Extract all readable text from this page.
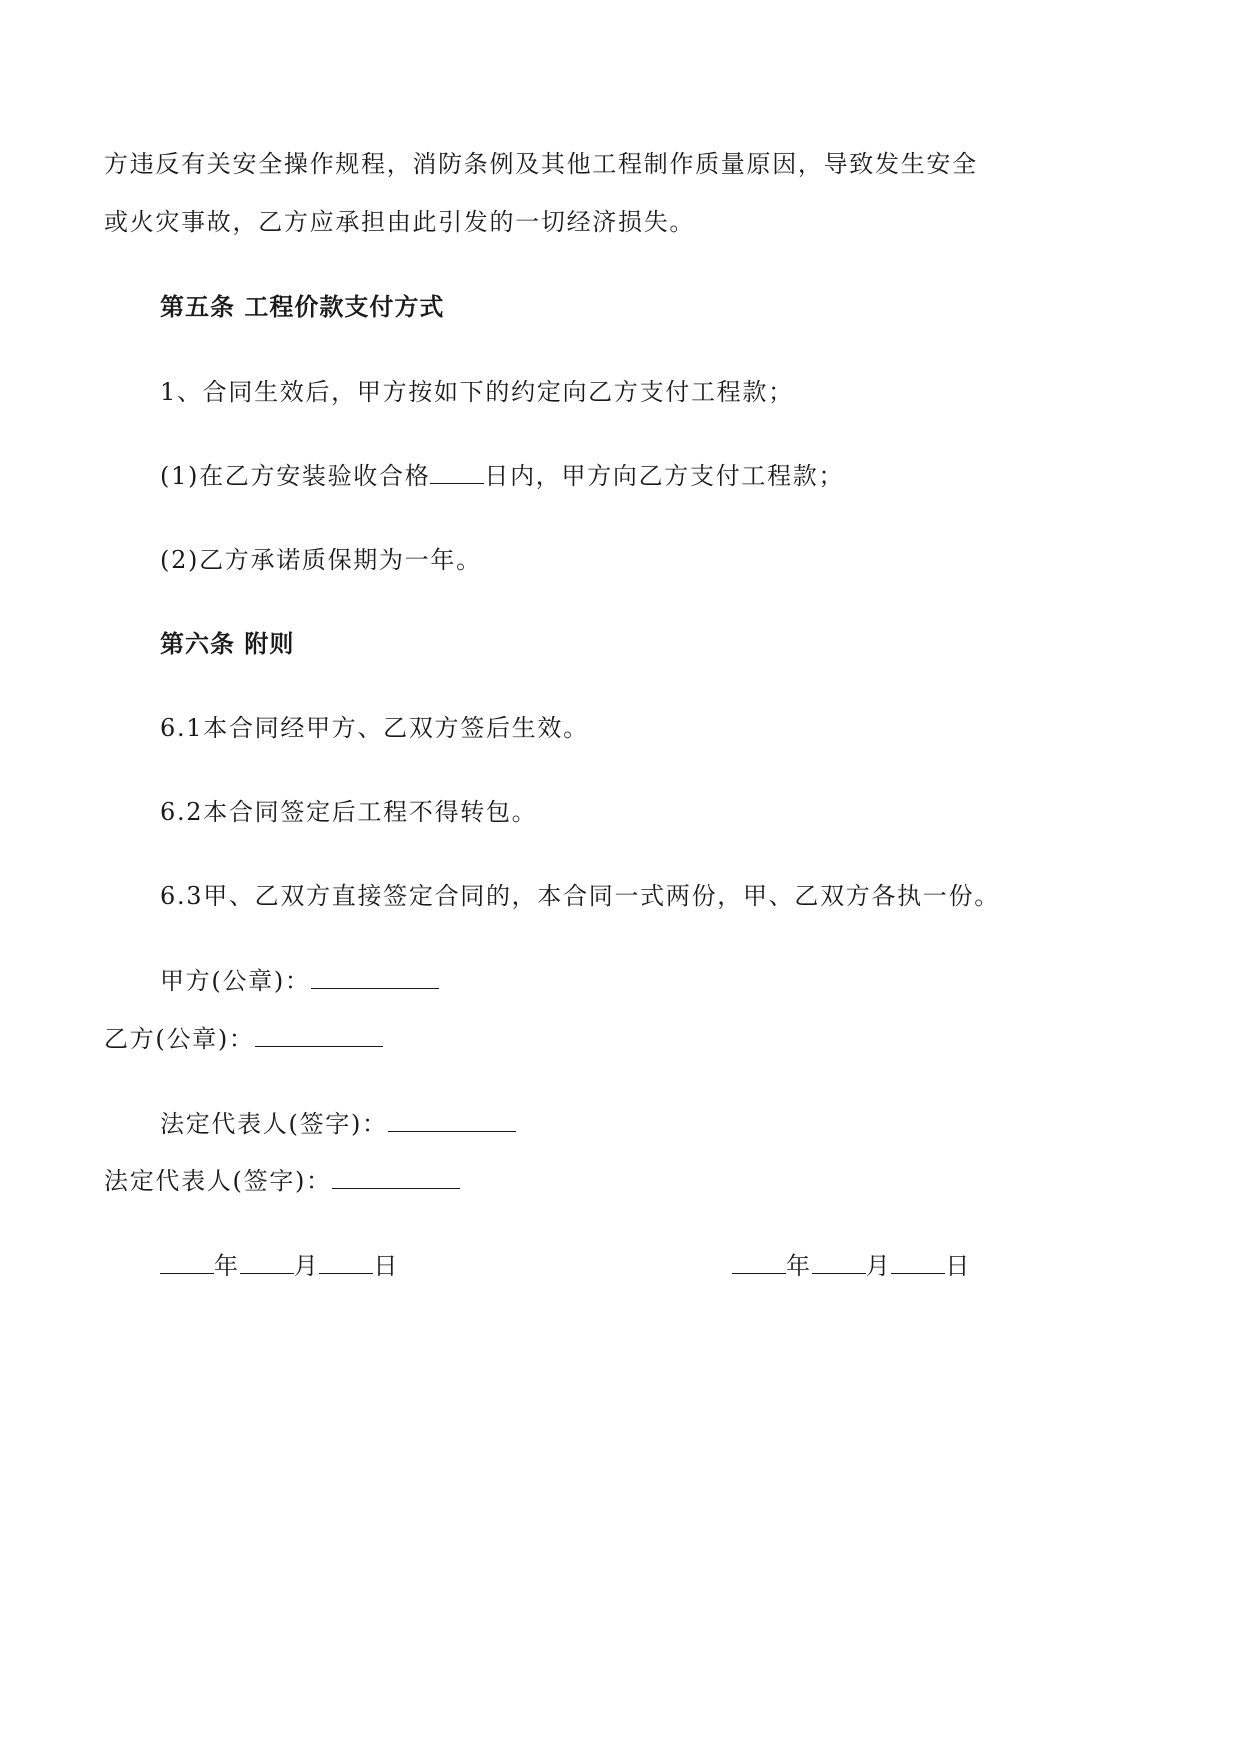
方违反有关安全操作规程，消防条例及其他工程制作质量原因，导致发生安全
或火灾事故，乙方应承担由此引发的一切经济损失。
第五条 工程价款支付方式
1、合同生效后，甲方按如下的约定向乙方支付工程款；
(1)在乙方安装验收合格 日内，甲方向乙方支付工程款；
(2)乙方承诺质保期为一年。
第六条 附则
6.1本合同经甲方、乙双方签后生效。
6.2本合同签定后工程不得转包。
6.3甲、乙双方直接签定合同的，本合同一式两份，甲、乙双方各执一份。
甲方(公章)：
乙方(公章)：
法定代表人(签字)：
法定代表人(签字)：
年 月 日	年 月 日
